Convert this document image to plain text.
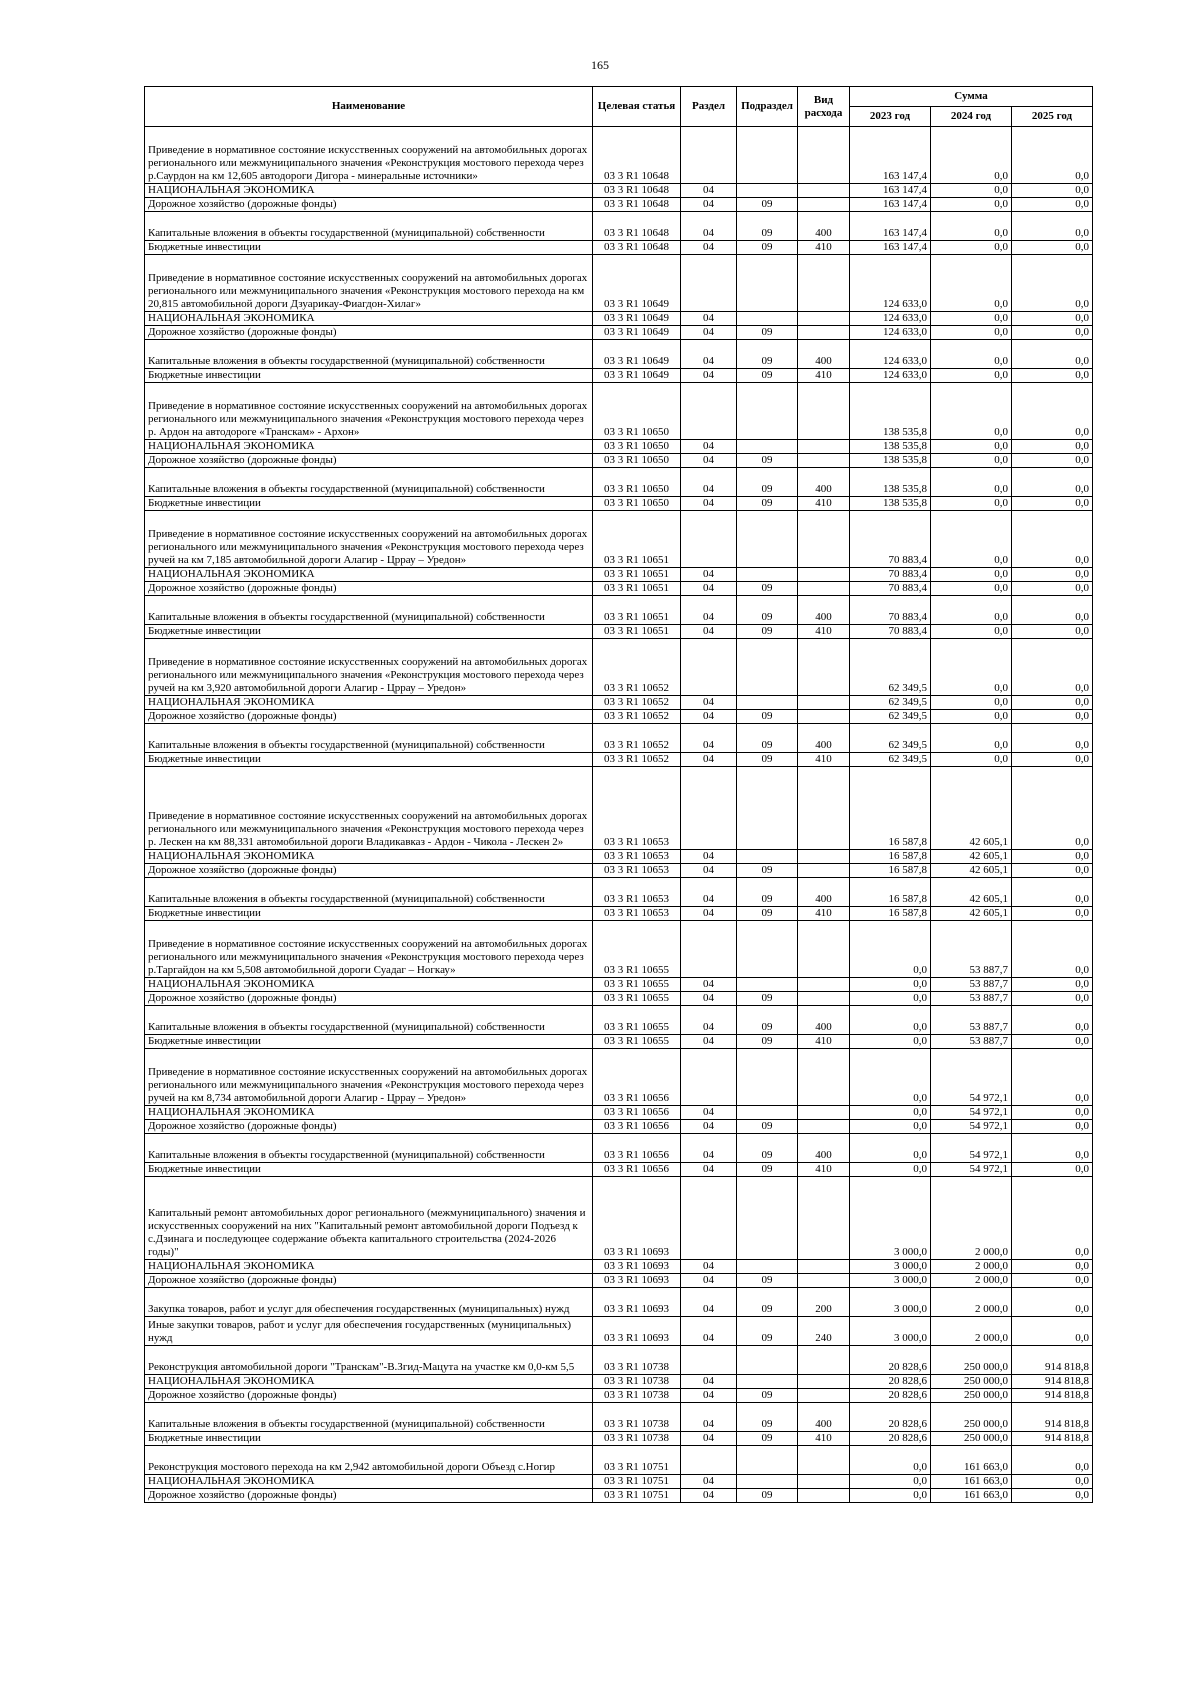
165
Наименование	Целевая статья	Раздел	Подраздел	Вид расхода	Сумма		
					2023 год	2024 год	2025 год
Приведение в нормативное состояние искусственных сооружений на автомобильных дорогах регионального или межмуниципального значения «Реконструкция мостового перехода через р.Саурдон на км 12,605 автодороги Дигора - минеральные источники»	03 3 R1 10648				163 147,4	0,0	0,0
НАЦИОНАЛЬНАЯ ЭКОНОМИКА	03 3 R1 10648	04			163 147,4	0,0	0,0
Дорожное хозяйство (дорожные фонды)	03 3 R1 10648	04	09		163 147,4	0,0	0,0
Капитальные вложения в объекты государственной (муниципальной) собственности	03 3 R1 10648	04	09	400	163 147,4	0,0	0,0
Бюджетные инвестиции	03 3 R1 10648	04	09	410	163 147,4	0,0	0,0
Приведение в нормативное состояние искусственных сооружений на автомобильных дорогах регионального или межмуниципального значения «Реконструкция мостового перехода на км 20,815 автомобильной дороги Дзуарикау-Фиагдон-Хилаг»	03 3 R1 10649				124 633,0	0,0	0,0
НАЦИОНАЛЬНАЯ ЭКОНОМИКА	03 3 R1 10649	04			124 633,0	0,0	0,0
Дорожное хозяйство (дорожные фонды)	03 3 R1 10649	04	09		124 633,0	0,0	0,0
Капитальные вложения в объекты государственной (муниципальной) собственности	03 3 R1 10649	04	09	400	124 633,0	0,0	0,0
Бюджетные инвестиции	03 3 R1 10649	04	09	410	124 633,0	0,0	0,0
Приведение в нормативное состояние искусственных сооружений на автомобильных дорогах регионального или межмуниципального значения «Реконструкция мостового перехода через р. Ардон на автодороге «Транскам» - Архон»	03 3 R1 10650				138 535,8	0,0	0,0
НАЦИОНАЛЬНАЯ ЭКОНОМИКА	03 3 R1 10650	04			138 535,8	0,0	0,0
Дорожное хозяйство (дорожные фонды)	03 3 R1 10650	04	09		138 535,8	0,0	0,0
Капитальные вложения в объекты государственной (муниципальной) собственности	03 3 R1 10650	04	09	400	138 535,8	0,0	0,0
Бюджетные инвестиции	03 3 R1 10650	04	09	410	138 535,8	0,0	0,0
Приведение в нормативное состояние искусственных сооружений на автомобильных дорогах регионального или межмуниципального значения «Реконструкция мостового перехода через ручей на км 7,185 автомобильной дороги Алагир - Цррау – Уредон»	03 3 R1 10651				70 883,4	0,0	0,0
НАЦИОНАЛЬНАЯ ЭКОНОМИКА	03 3 R1 10651	04			70 883,4	0,0	0,0
Дорожное хозяйство (дорожные фонды)	03 3 R1 10651	04	09		70 883,4	0,0	0,0
Капитальные вложения в объекты государственной (муниципальной) собственности	03 3 R1 10651	04	09	400	70 883,4	0,0	0,0
Бюджетные инвестиции	03 3 R1 10651	04	09	410	70 883,4	0,0	0,0
Приведение в нормативное состояние искусственных сооружений на автомобильных дорогах регионального или межмуниципального значения «Реконструкция мостового перехода через ручей на км 3,920 автомобильной дороги Алагир - Цррау – Уредон»	03 3 R1 10652				62 349,5	0,0	0,0
НАЦИОНАЛЬНАЯ ЭКОНОМИКА	03 3 R1 10652	04			62 349,5	0,0	0,0
Дорожное хозяйство (дорожные фонды)	03 3 R1 10652	04	09		62 349,5	0,0	0,0
Капитальные вложения в объекты государственной (муниципальной) собственности	03 3 R1 10652	04	09	400	62 349,5	0,0	0,0
Бюджетные инвестиции	03 3 R1 10652	04	09	410	62 349,5	0,0	0,0
Приведение в нормативное состояние искусственных сооружений на автомобильных дорогах регионального или межмуниципального значения «Реконструкция мостового перехода через р. Лескен на км 88,331 автомобильной дороги Владикавказ - Ардон - Чикола - Лескен 2»	03 3 R1 10653				16 587,8	42 605,1	0,0
НАЦИОНАЛЬНАЯ ЭКОНОМИКА	03 3 R1 10653	04			16 587,8	42 605,1	0,0
Дорожное хозяйство (дорожные фонды)	03 3 R1 10653	04	09		16 587,8	42 605,1	0,0
Капитальные вложения в объекты государственной (муниципальной) собственности	03 3 R1 10653	04	09	400	16 587,8	42 605,1	0,0
Бюджетные инвестиции	03 3 R1 10653	04	09	410	16 587,8	42 605,1	0,0
Приведение в нормативное состояние искусственных сооружений на автомобильных дорогах регионального или межмуниципального значения «Реконструкция мостового перехода через р.Таргайдон на км 5,508 автомобильной дороги Суадаг – Ногкау»	03 3 R1 10655				0,0	53 887,7	0,0
НАЦИОНАЛЬНАЯ ЭКОНОМИКА	03 3 R1 10655	04			0,0	53 887,7	0,0
Дорожное хозяйство (дорожные фонды)	03 3 R1 10655	04	09		0,0	53 887,7	0,0
Капитальные вложения в объекты государственной (муниципальной) собственности	03 3 R1 10655	04	09	400	0,0	53 887,7	0,0
Бюджетные инвестиции	03 3 R1 10655	04	09	410	0,0	53 887,7	0,0
Приведение в нормативное состояние искусственных сооружений на автомобильных дорогах регионального или межмуниципального значения «Реконструкция мостового перехода через ручей на км 8,734 автомобильной дороги Алагир - Цррау – Уредон»	03 3 R1 10656				0,0	54 972,1	0,0
НАЦИОНАЛЬНАЯ ЭКОНОМИКА	03 3 R1 10656	04			0,0	54 972,1	0,0
Дорожное хозяйство (дорожные фонды)	03 3 R1 10656	04	09		0,0	54 972,1	0,0
Капитальные вложения в объекты государственной (муниципальной) собственности	03 3 R1 10656	04	09	400	0,0	54 972,1	0,0
Бюджетные инвестиции	03 3 R1 10656	04	09	410	0,0	54 972,1	0,0
Капитальный ремонт автомобильных дорог регионального (межмуниципального) значения и искусственных сооружений на них "Капитальный ремонт автомобильной дороги Подъезд к с.Дзинага и последующее содержание объекта капитального строительства (2024-2026 годы)"	03 3 R1 10693				3 000,0	2 000,0	0,0
НАЦИОНАЛЬНАЯ ЭКОНОМИКА	03 3 R1 10693	04			3 000,0	2 000,0	0,0
Дорожное хозяйство (дорожные фонды)	03 3 R1 10693	04	09		3 000,0	2 000,0	0,0
Закупка товаров, работ и услуг для обеспечения государственных (муниципальных) нужд	03 3 R1 10693	04	09	200	3 000,0	2 000,0	0,0
Иные закупки товаров, работ и услуг для обеспечения государственных (муниципальных) нужд	03 3 R1 10693	04	09	240	3 000,0	2 000,0	0,0
Реконструкция автомобильной дороги "Транскам"-В.Згид-Мацута на участке км 0,0-км 5,5	03 3 R1 10738				20 828,6	250 000,0	914 818,8
НАЦИОНАЛЬНАЯ ЭКОНОМИКА	03 3 R1 10738	04			20 828,6	250 000,0	914 818,8
Дорожное хозяйство (дорожные фонды)	03 3 R1 10738	04	09		20 828,6	250 000,0	914 818,8
Капитальные вложения в объекты государственной (муниципальной) собственности	03 3 R1 10738	04	09	400	20 828,6	250 000,0	914 818,8
Бюджетные инвестиции	03 3 R1 10738	04	09	410	20 828,6	250 000,0	914 818,8
Реконструкция мостового перехода на км 2,942 автомобильной дороги Объезд с.Ногир	03 3 R1 10751				0,0	161 663,0	0,0
НАЦИОНАЛЬНАЯ ЭКОНОМИКА	03 3 R1 10751	04			0,0	161 663,0	0,0
Дорожное хозяйство (дорожные фонды)	03 3 R1 10751	04	09		0,0	161 663,0	0,0
